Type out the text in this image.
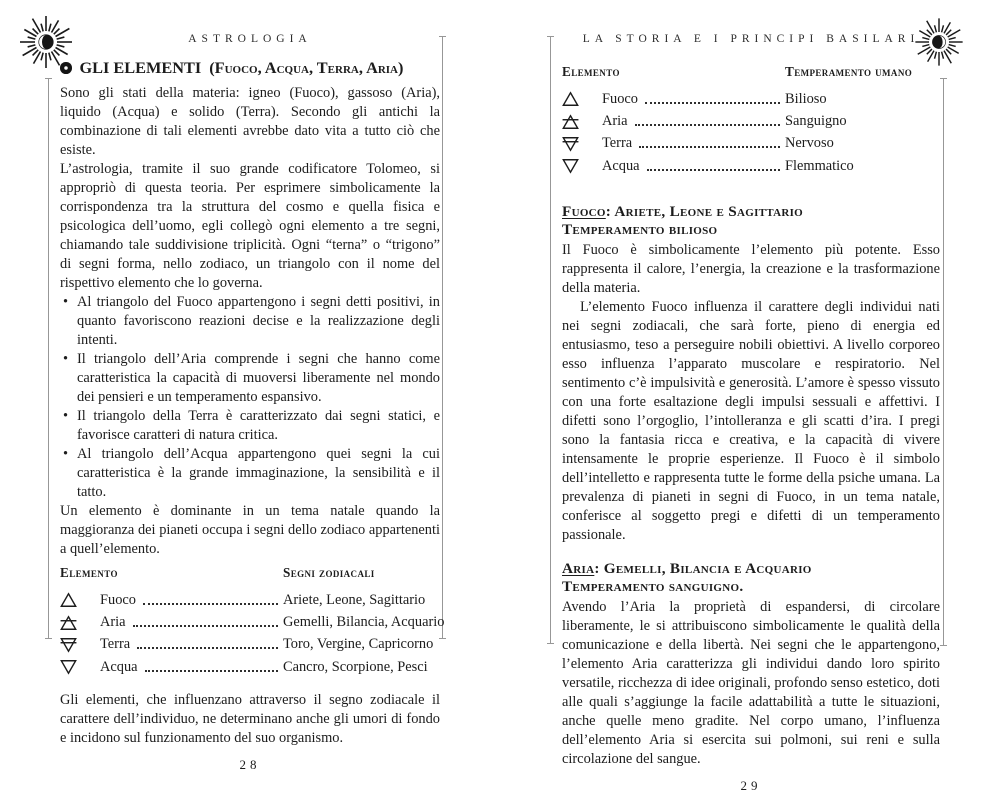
ASTROLOGIA	LA STORIA E I PRINCIPI BASILARI
GLI ELEMENTI (Fuoco, Acqua, Terra, Aria)

Sono gli stati della materia: igneo (Fuoco), gassoso (Aria), liquido (Acqua) e solido (Terra). Secondo gli antichi la combinazione di tali elementi avrebbe dato vita a tutto ciò che esiste.

L’astrologia, tramite il suo grande codificatore Tolomeo, si appropriò di questa teoria. Per esprimere simbolicamente la corrispondenza tra la struttura del cosmo e quella fisica e psicologica dell’uomo, egli collegò ogni elemento a tre segni, chiamando tale suddivisione triplicità. Ogni “terna” o “trigono” di segni forma, nello zodiaco, un triangolo con il nome del rispettivo elemento che lo governa.

• Al triangolo del Fuoco appartengono i segni detti positivi, in quanto favoriscono reazioni decise e la realizzazione degli intenti.
• Il triangolo dell’Aria comprende i segni che hanno come caratteristica la capacità di muoversi liberamente nel mondo dei pensieri e un temperamento espansivo.
• Il triangolo della Terra è caratterizzato dai segni statici, e favorisce caratteri di natura critica.
• Al triangolo dell’Acqua appartengono quei segni la cui caratteristica è la grande immaginazione, la sensibilità e il tatto.

Un elemento è dominante in un tema natale quando la maggioranza dei pianeti occupa i segni dello zodiaco appartenenti a quell’elemento.

Elemento	Segni zodiacali
Fuoco	Ariete, Leone, Sagittario
Aria	Gemelli, Bilancia, Acquario
Terra	Toro, Vergine, Capricorno
Acqua	Cancro, Scorpione, Pesci

Gli elementi, che influenzano attraverso il segno zodiacale il carattere dell’individuo, ne determinano anche gli umori di fondo e incidono sul funzionamento del suo organismo.

28
Elemento	Temperamento umano
Fuoco	Bilioso
Aria	Sanguigno
Terra	Nervoso
Acqua	Flemmatico
Fuoco: Ariete, Leone e Sagittario
Temperamento bilioso

Il Fuoco è simbolicamente l’elemento più potente. Esso rappresenta il calore, l’energia, la creazione e la trasformazione della materia.

L’elemento Fuoco influenza il carattere degli individui nati nei segni zodiacali, che sarà forte, pieno di energia ed entusiasmo, teso a perseguire nobili obiettivi. A livello corporeo esso influenza l’apparato muscolare e respiratorio. Nel sentimento c’è impulsività e generosità. L’amore è spesso vissuto con una forte esaltazione degli impulsi sessuali e affettivi. I difetti sono l’orgoglio, l’intolleranza e gli scatti d’ira. I pregi sono la fantasia ricca e creativa, e la capacità di vivere intensamente le proprie esperienze. Il Fuoco è il simbolo dell’intelletto e rappresenta tutte le forme della psiche umana. La prevalenza di pianeti in segni di Fuoco, in un tema natale, conferisce al soggetto pregi e difetti di un temperamento passionale.

Aria: Gemelli, Bilancia e Acquario
Temperamento sanguigno.

Avendo l’Aria la proprietà di espandersi, di circolare liberamente, le si attribuiscono simbolicamente le qualità della comunicazione e della libertà. Nei segni che le appartengono, l’elemento Aria caratterizza gli individui dando loro spirito versatile, ricchezza di idee originali, profondo senso estetico, doti alle quali s’aggiunge la facile adattabilità a tutte le situazioni, anche quelle meno gradite. Nel corpo umano, l’influenza dell’elemento Aria si esercita sui polmoni, sui reni e sulla circolazione del sangue.

29
